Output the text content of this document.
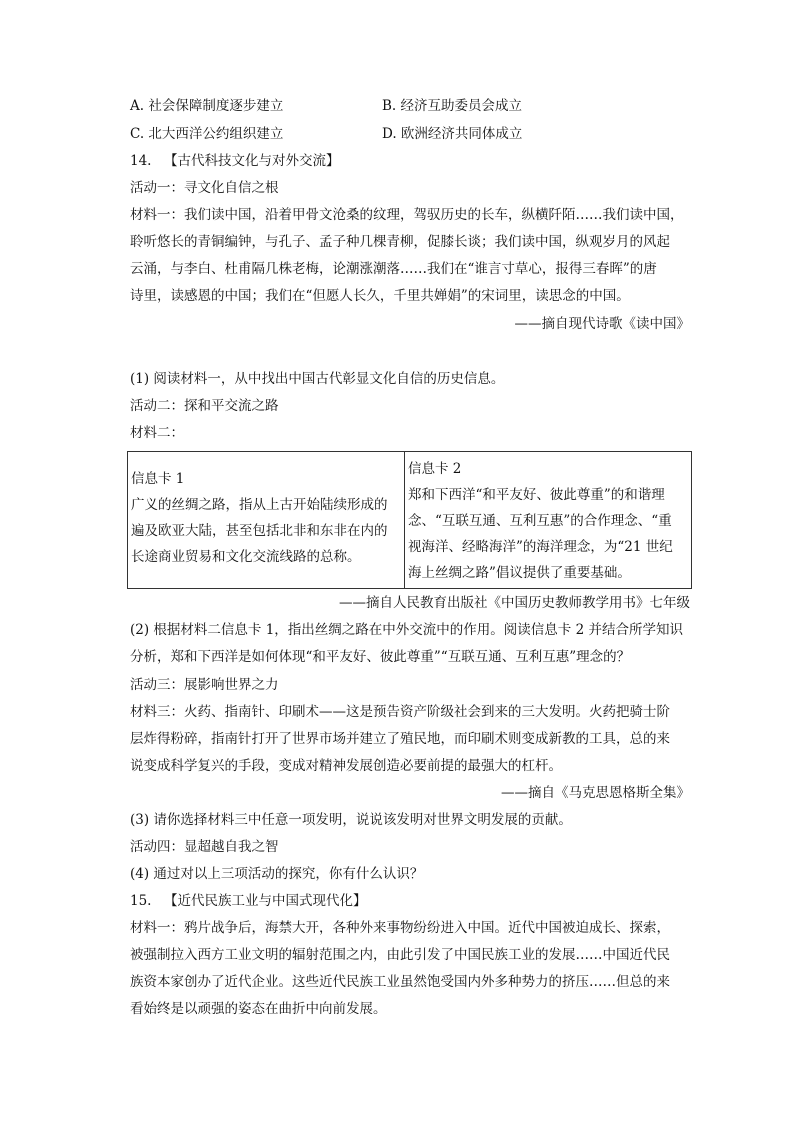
A. 社会保障制度逐步建立	B. 经济互助委员会成立
C. 北大西洋公约组织建立	D. 欧洲经济共同体成立
14. 【古代科技文化与对外交流】
活动一：寻文化自信之根
材料一：我们读中国，沿着甲骨文沧桑的纹理，驾驭历史的长车，纵横阡陌……我们读中国，
聆听悠长的青铜编钟，与孔子、孟子种几棵青柳，促膝长谈；我们读中国，纵观岁月的风起
云涌，与李白、杜甫隔几株老梅，论潮涨潮落……我们在“谁言寸草心，报得三春晖”的唐
诗里，读感恩的中国；我们在“但愿人长久，千里共婵娟”的宋词里，读思念的中国。
——摘自现代诗歌《读中国》
(1) 阅读材料一，从中找出中国古代彰显文化自信的历史信息。
活动二：探和平交流之路
材料二：
信息卡 1
广义的丝绸之路，指从上古开始陆续形成的
遍及欧亚大陆，甚至包括北非和东非在内的
长途商业贸易和文化交流线路的总称。

信息卡 2
郑和下西洋“和平友好、彼此尊重”的和谐理
念、“互联互通、互利互惠”的合作理念、“重
视海洋、经略海洋”的海洋理念，为“21 世纪
海上丝绸之路”倡议提供了重要基础。
——摘自人民教育出版社《中国历史教师教学用书》七年级
(2) 根据材料二信息卡 1，指出丝绸之路在中外交流中的作用。阅读信息卡 2 并结合所学知识
分析，郑和下西洋是如何体现“和平友好、彼此尊重”“互联互通、互利互惠”理念的？
活动三：展影响世界之力
材料三：火药、指南针、印刷术——这是预告资产阶级社会到来的三大发明。火药把骑士阶
层炸得粉碎，指南针打开了世界市场并建立了殖民地，而印刷术则变成新教的工具，总的来
说变成科学复兴的手段，变成对精神发展创造必要前提的最强大的杠杆。
——摘自《马克思恩格斯全集》
(3) 请你选择材料三中任意一项发明，说说该发明对世界文明发展的贡献。
活动四：显超越自我之智
(4) 通过对以上三项活动的探究，你有什么认识？
15. 【近代民族工业与中国式现代化】
材料一：鸦片战争后，海禁大开，各种外来事物纷纷进入中国。近代中国被迫成长、探索，
被强制拉入西方工业文明的辐射范围之内，由此引发了中国民族工业的发展……中国近代民
族资本家创办了近代企业。这些近代民族工业虽然饱受国内外多种势力的挤压……但总的来
看始终是以顽强的姿态在曲折中向前发展。
